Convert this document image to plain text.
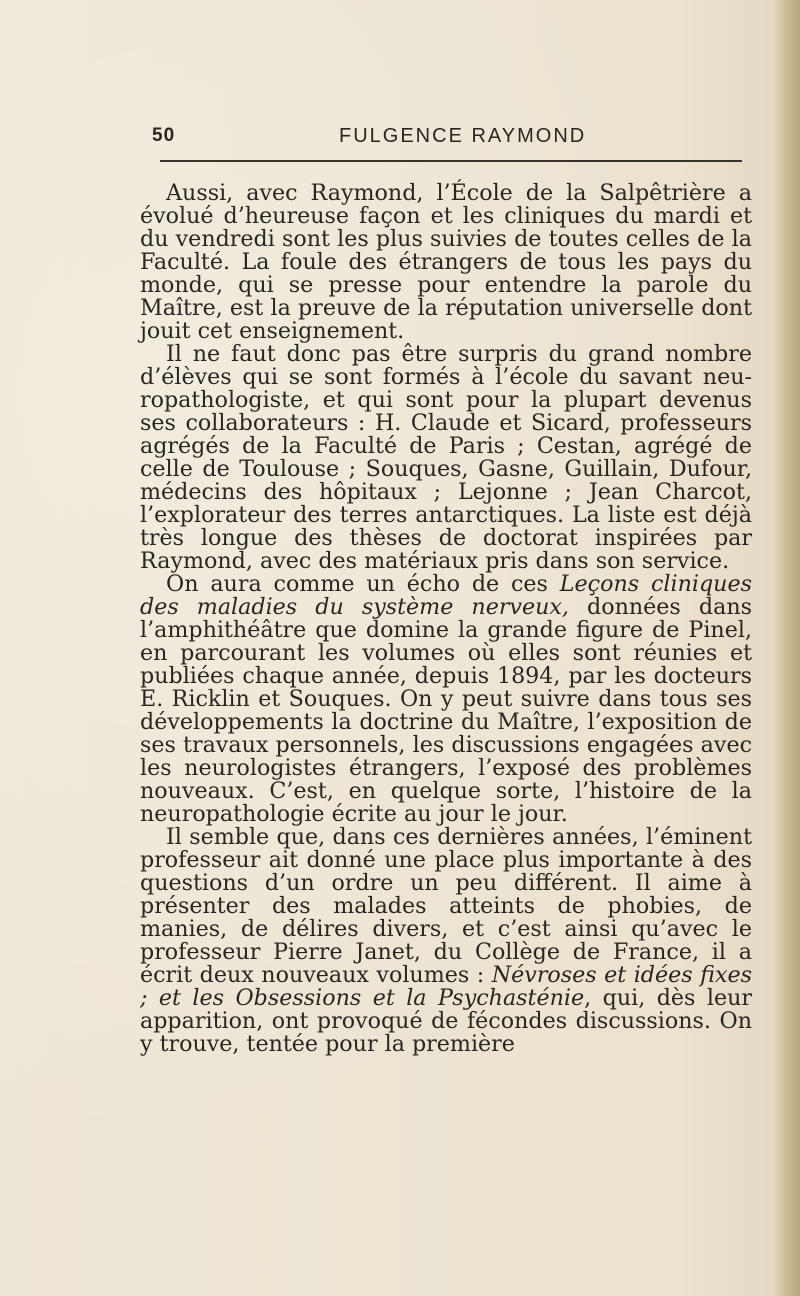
50	FULGENCE RAYMOND

Aussi, avec Raymond, l’École de la Salpêtrière a évolué d’heureuse façon et les cliniques du mardi et du vendredi sont les plus suivies de toutes celles de la Faculté. La foule des étrangers de tous les pays du monde, qui se presse pour entendre la parole du Maître, est la preuve de la réputation universelle dont jouit cet enseignement.

Il ne faut donc pas être surpris du grand nombre d’élèves qui se sont formés à l’école du savant neuropathologiste, et qui sont pour la plupart devenus ses collaborateurs : H. Claude et Sicard, professeurs agrégés de la Faculté de Paris ; Cestan, agrégé de celle de Toulouse ; Souques, Gasne, Guillain, Dufour, médecins des hôpitaux ; Lejonne ; Jean Charcot, l’explorateur des terres antarctiques. La liste est déjà très longue des thèses de doctorat inspirées par Raymond, avec des matériaux pris dans son service.

On aura comme un écho de ces Leçons cliniques des maladies du système nerveux, données dans l’amphithéâtre que domine la grande figure de Pinel, en parcourant les volumes où elles sont réunies et publiées chaque année, depuis 1894, par les docteurs E. Ricklin et Souques. On y peut suivre dans tous ses développements la doctrine du Maître, l’exposition de ses travaux personnels, les discussions engagées avec les neurologistes étrangers, l’exposé des problèmes nouveaux. C’est, en quelque sorte, l’histoire de la neuropathologie écrite au jour le jour.

Il semble que, dans ces dernières années, l’éminent professeur ait donné une place plus importante à des questions d’un ordre un peu différent. Il aime à présenter des malades atteints de phobies, de manies, de délires divers, et c’est ainsi qu’avec le professeur Pierre Janet, du Collège de France, il a écrit deux nouveaux volumes : Névroses et idées fixes ; et les Obsessions et la Psychasténie, qui, dès leur apparition, ont provoqué de fécondes discussions. On y trouve, tentée pour la première
